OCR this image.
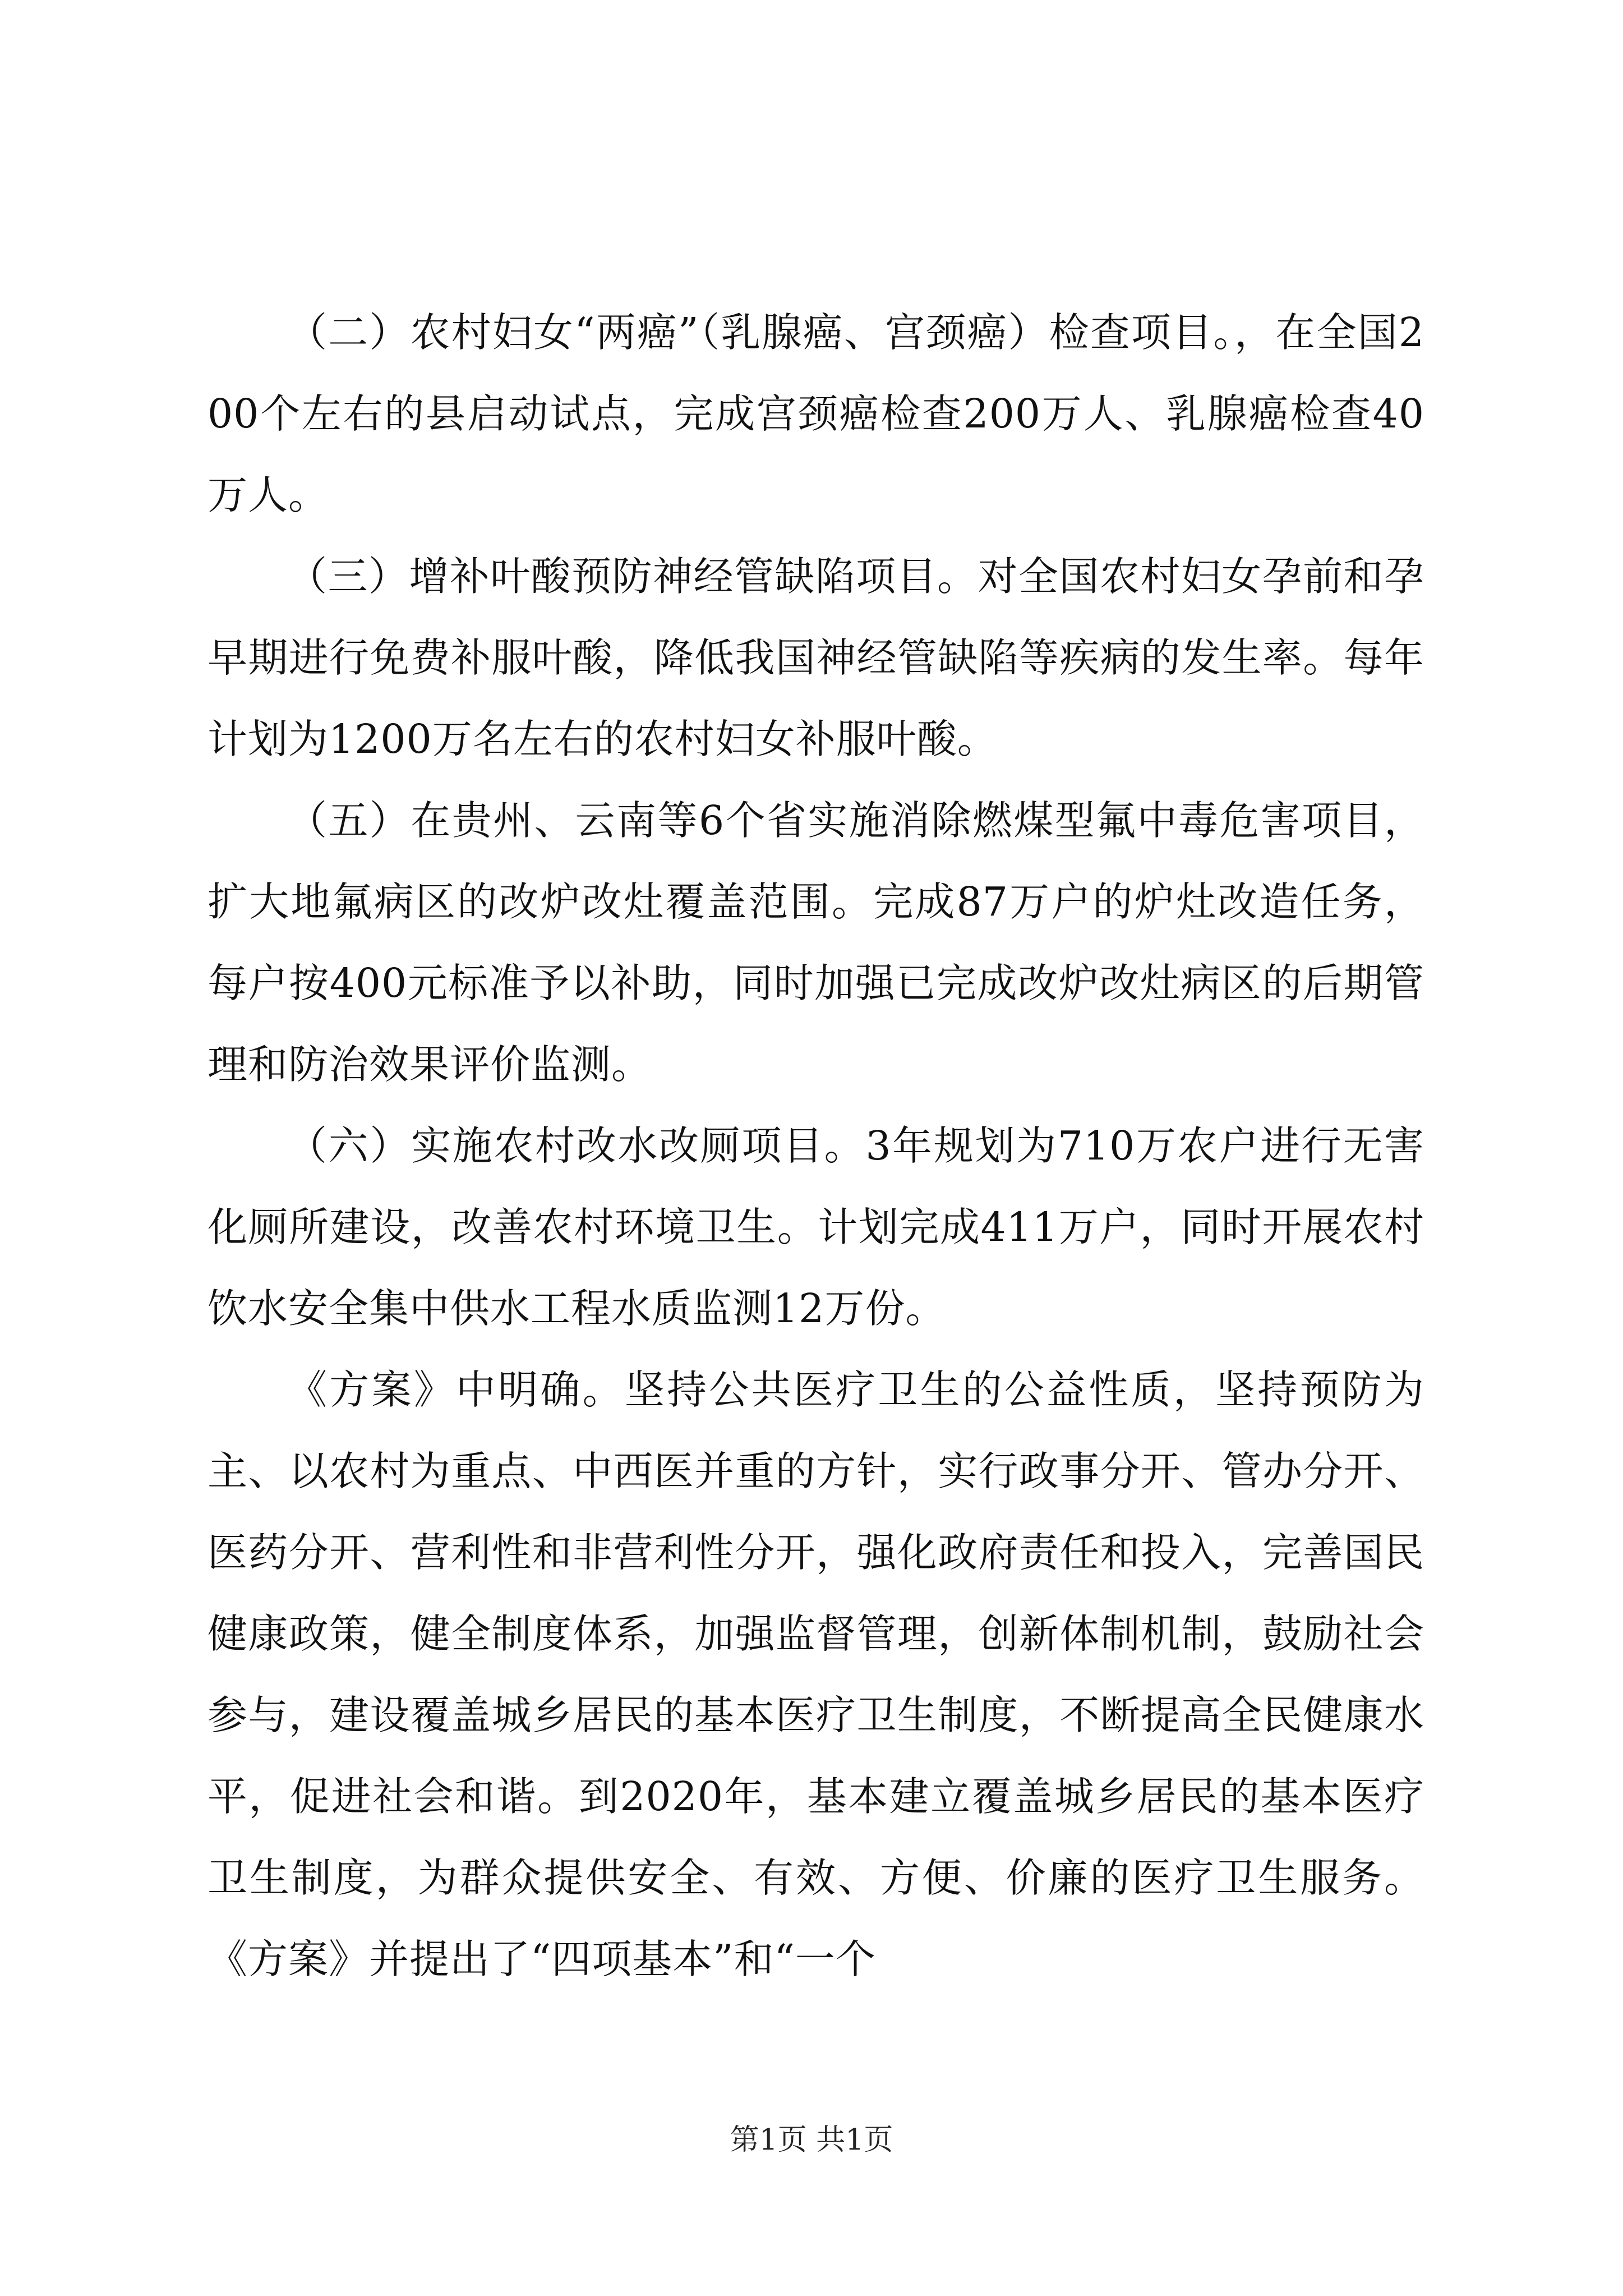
（二）农村妇女“两癌”（乳腺癌、宫颈癌）检查项目。，在全国200个左右的县启动试点，完成宫颈癌检查200万人、乳腺癌检查40万人。

（三）增补叶酸预防神经管缺陷项目。对全国农村妇女孕前和孕早期进行免费补服叶酸，降低我国神经管缺陷等疾病的发生率。每年计划为1200万名左右的农村妇女补服叶酸。

（五）在贵州、云南等6个省实施消除燃煤型氟中毒危害项目，扩大地氟病区的改炉改灶覆盖范围。完成87万户的炉灶改造任务，每户按400元标准予以补助，同时加强已完成改炉改灶病区的后期管理和防治效果评价监测。

（六）实施农村改水改厕项目。3年规划为710万农户进行无害化厕所建设，改善农村环境卫生。计划完成411万户，同时开展农村饮水安全集中供水工程水质监测12万份。

《方案》中明确。坚持公共医疗卫生的公益性质，坚持预防为主、以农村为重点、中西医并重的方针，实行政事分开、管办分开、医药分开、营利性和非营利性分开，强化政府责任和投入，完善国民健康政策，健全制度体系，加强监督管理，创新体制机制，鼓励社会参与，建设覆盖城乡居民的基本医疗卫生制度，不断提高全民健康水平，促进社会和谐。到2020年，基本建立覆盖城乡居民的基本医疗卫生制度，为群众提供安全、有效、方便、价廉的医疗卫生服务。《方案》并提出了“四项基本”和“一个

第1页 共1页
